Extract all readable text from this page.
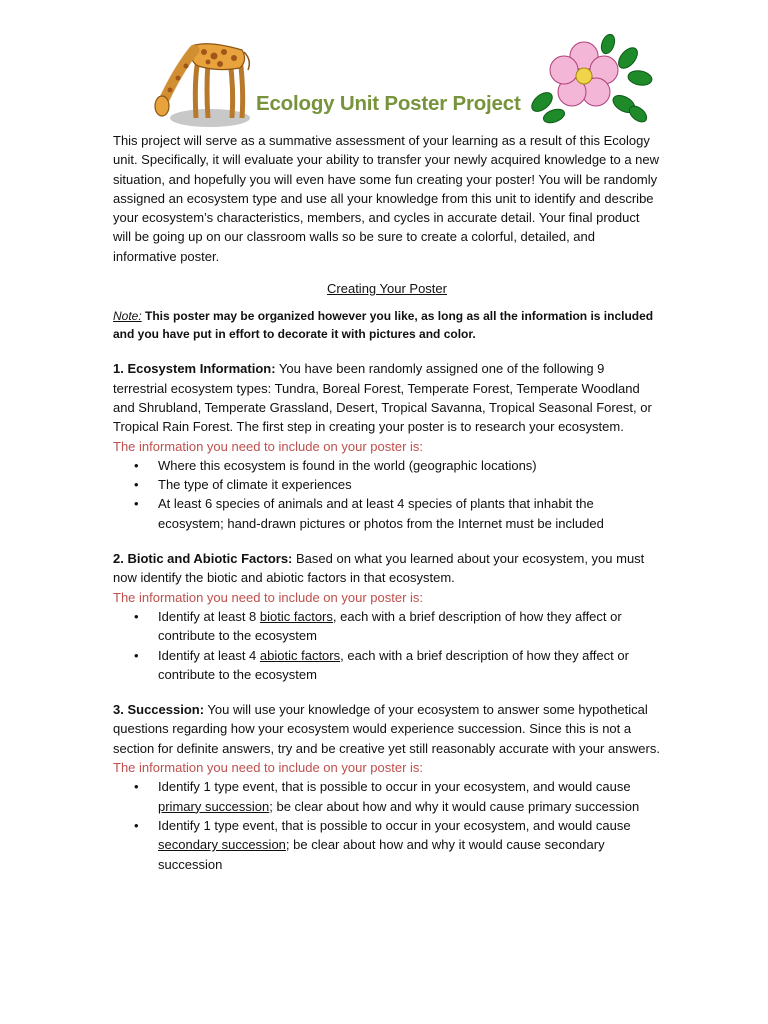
Ecology Unit Poster Project

This project will serve as a summative assessment of your learning as a result of this Ecology unit. Specifically, it will evaluate your ability to transfer your newly acquired knowledge to a new situation, and hopefully you will even have some fun creating your poster! You will be randomly assigned an ecosystem type and use all your knowledge from this unit to identify and describe your ecosystem’s characteristics, members, and cycles in accurate detail. Your final product will be going up on our classroom walls so be sure to create a colorful, detailed, and informative poster.

Creating Your Poster

Note: This poster may be organized however you like, as long as all the information is included and you have put in effort to decorate it with pictures and color.

1. Ecosystem Information: You have been randomly assigned one of the following 9 terrestrial ecosystem types: Tundra, Boreal Forest, Temperate Forest, Temperate Woodland and Shrubland, Temperate Grassland, Desert, Tropical Savanna, Tropical Seasonal Forest, or Tropical Rain Forest. The first step in creating your poster is to research your ecosystem.

The information you need to include on your poster is:

• Where this ecosystem is found in the world (geographic locations)
• The type of climate it experiences
• At least 6 species of animals and at least 4 species of plants that inhabit the ecosystem; hand-drawn pictures or photos from the Internet must be included

2. Biotic and Abiotic Factors: Based on what you learned about your ecosystem, you must now identify the biotic and abiotic factors in that ecosystem.

The information you need to include on your poster is:

• Identify at least 8 biotic factors, each with a brief description of how they affect or contribute to the ecosystem
• Identify at least 4 abiotic factors, each with a brief description of how they affect or contribute to the ecosystem

3. Succession: You will use your knowledge of your ecosystem to answer some hypothetical questions regarding how your ecosystem would experience succession. Since this is not a section for definite answers, try and be creative yet still reasonably accurate with your answers.

The information you need to include on your poster is:

• Identify 1 type event, that is possible to occur in your ecosystem, and would cause primary succession; be clear about how and why it would cause primary succession
• Identify 1 type event, that is possible to occur in your ecosystem, and would cause secondary succession; be clear about how and why it would cause secondary succession
